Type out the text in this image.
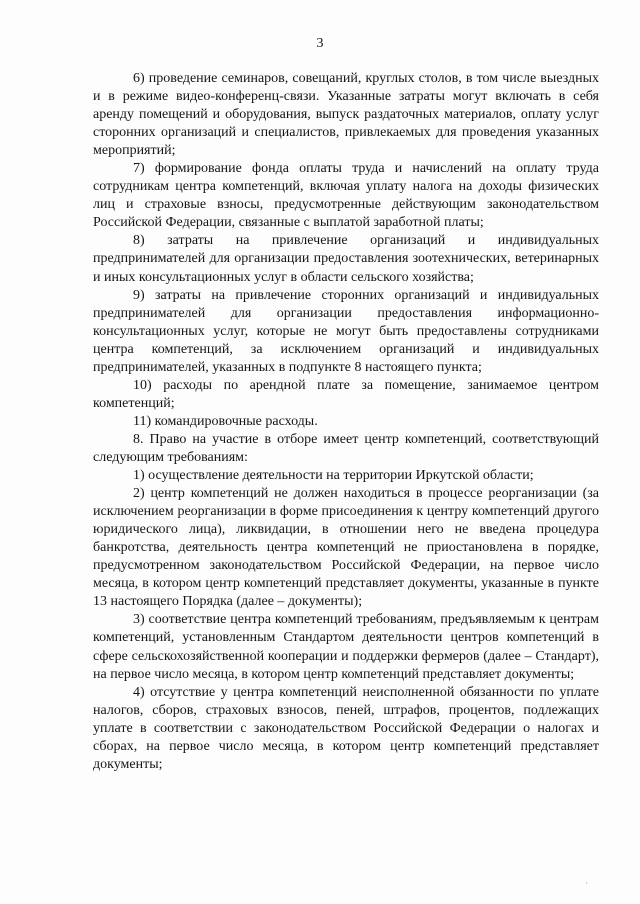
3

6) проведение семинаров, совещаний, круглых столов, в том числе выездных и в режиме видео-конференц-связи. Указанные затраты могут включать в себя аренду помещений и оборудования, выпуск раздаточных материалов, оплату услуг сторонних организаций и специалистов, привлекаемых для проведения указанных мероприятий;

7) формирование фонда оплаты труда и начислений на оплату труда сотрудникам центра компетенций, включая уплату налога на доходы физических лиц и страховые взносы, предусмотренные действующим законодательством Российской Федерации, связанные с выплатой заработной платы;

8) затраты на привлечение организаций и индивидуальных предпринимателей для организации предоставления зоотехнических, ветеринарных и иных консультационных услуг в области сельского хозяйства;

9) затраты на привлечение сторонних организаций и индивидуальных предпринимателей для организации предоставления информационно-консультационных услуг, которые не могут быть предоставлены сотрудниками центра компетенций, за исключением организаций и индивидуальных предпринимателей, указанных в подпункте 8 настоящего пункта;

10) расходы по арендной плате за помещение, занимаемое центром компетенций;

11) командировочные расходы.

8. Право на участие в отборе имеет центр компетенций, соответствующий следующим требованиям:

1) осуществление деятельности на территории Иркутской области;

2) центр компетенций не должен находиться в процессе реорганизации (за исключением реорганизации в форме присоединения к центру компетенций другого юридического лица), ликвидации, в отношении него не введена процедура банкротства, деятельность центра компетенций не приостановлена в порядке, предусмотренном законодательством Российской Федерации, на первое число месяца, в котором центр компетенций представляет документы, указанные в пункте 13 настоящего Порядка (далее – документы);

3) соответствие центра компетенций требованиям, предъявляемым к центрам компетенций, установленным Стандартом деятельности центров компетенций в сфере сельскохозяйственной кооперации и поддержки фермеров (далее – Стандарт), на первое число месяца, в котором центр компетенций представляет документы;

4) отсутствие у центра компетенций неисполненной обязанности по уплате налогов, сборов, страховых взносов, пеней, штрафов, процентов, подлежащих уплате в соответствии с законодательством Российской Федерации о налогах и сборах, на первое число месяца, в котором центр компетенций представляет документы;

·
